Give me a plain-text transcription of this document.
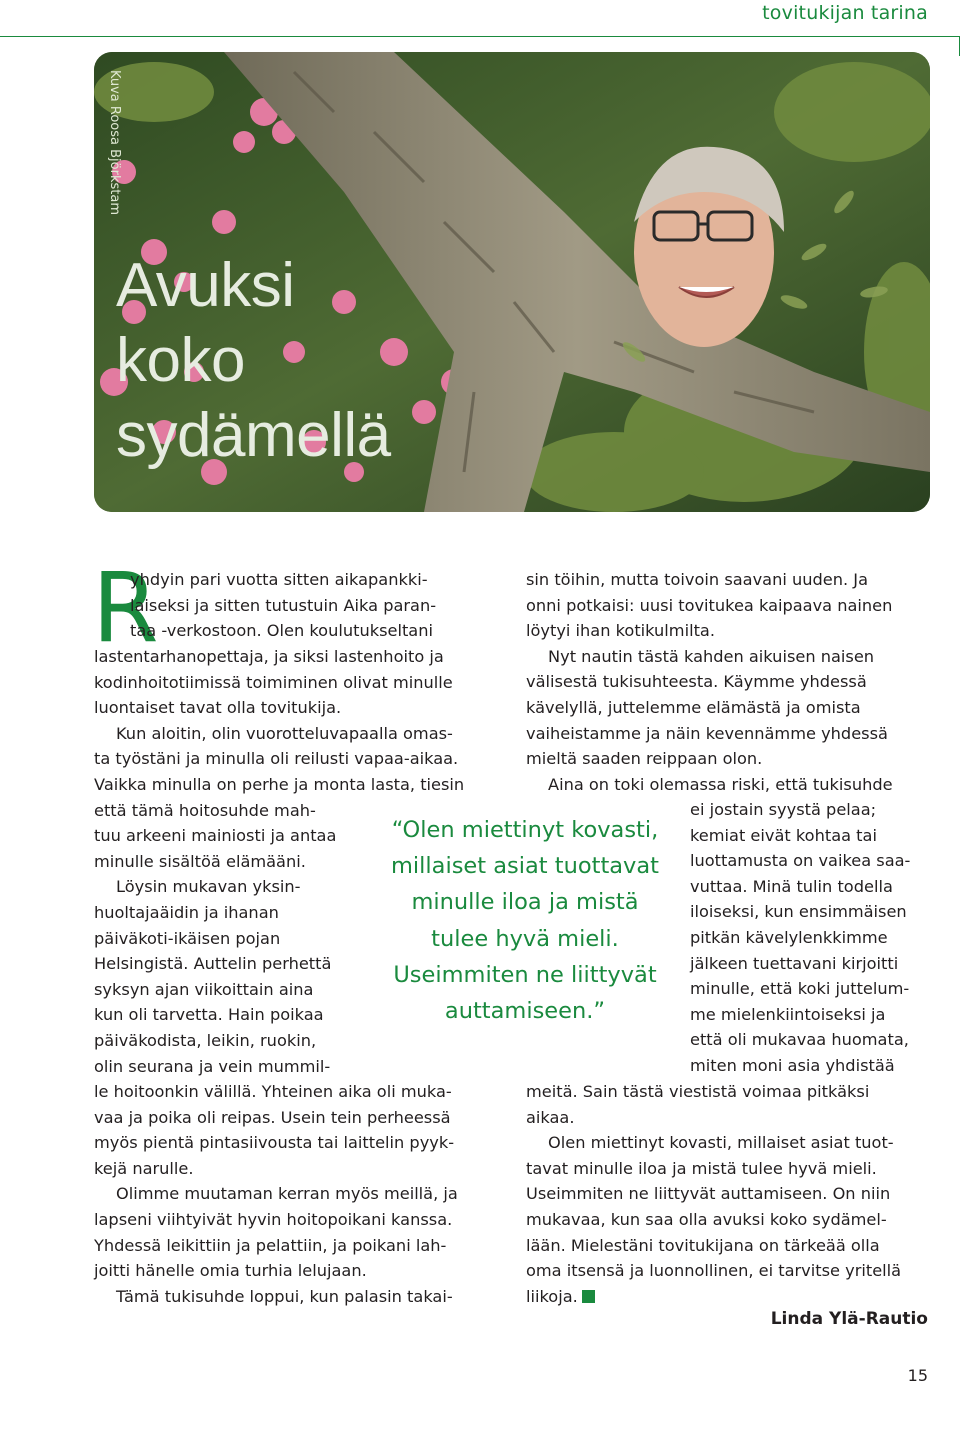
tovitukijan tarina
Kuva Roosa Björkstam
Avuksi
koko
sydämellä
R

yhdyin pari vuotta sitten aikapankki-

laiseksi ja sitten tutustuin Aika paran-

taa -verkostoon. Olen koulutukseltani

lastentarhanopettaja, ja siksi lastenhoito ja

kodinhoitotiimissä toimiminen olivat minulle

luontaiset tavat olla tovitukija.

Kun aloitin, olin vuorotteluvapaalla omas-

ta työstäni ja minulla oli reilusti vapaa-aikaa.

Vaikka minulla on perhe ja monta lasta, tiesin

että tämä hoitosuhde mah-

tuu arkeeni mainiosti ja antaa

minulle sisältöä elämääni.

Löysin mukavan yksin-

huoltajaäidin ja ihanan

päiväkoti-ikäisen pojan

Helsingistä. Auttelin perhettä

syksyn ajan viikoittain aina

kun oli tarvetta. Hain poikaa

päiväkodista, leikin, ruokin,

olin seurana ja vein mummil-

le hoitoonkin välillä. Yhteinen aika oli muka-

vaa ja poika oli reipas. Usein tein perheessä

myös pientä pintasiivousta tai laittelin pyyk-

kejä narulle.

Olimme muutaman kerran myös meillä, ja

lapseni viihtyivät hyvin hoitopoikani kanssa.

Yhdessä leikittiin ja pelattiin, ja poikani lah-

joitti hänelle omia turhia lelujaan.

Tämä tukisuhde loppui, kun palasin takai-

“Olen miettinyt kovasti,
millaiset asiat tuottavat
minulle iloa ja mistä
tulee hyvä mieli.
Useimmiten ne liittyvät
auttamiseen.”

sin töihin, mutta toivoin saavani uuden. Ja

onni potkaisi: uusi tovitukea kaipaava nainen

löytyi ihan kotikulmilta.

Nyt nautin tästä kahden aikuisen naisen

välisestä tukisuhteesta. Käymme yhdessä

kävelyllä, juttelemme elämästä ja omista

vaiheistamme ja näin kevennämme yhdessä

mieltä saaden reippaan olon.

Aina on toki olemassa riski, että tukisuhde

ei jostain syystä pelaa;

kemiat eivät kohtaa tai

luottamusta on vaikea saa-

vuttaa. Minä tulin todella

iloiseksi, kun ensimmäisen

pitkän kävelylenkkimme

jälkeen tuettavani kirjoitti

minulle, että koki juttelum-

me mielenkiintoiseksi ja

että oli mukavaa huomata,

miten moni asia yhdistää

meitä. Sain tästä viestistä voimaa pitkäksi

aikaa.

Olen miettinyt kovasti, millaiset asiat tuot-

tavat minulle iloa ja mistä tulee hyvä mieli.

Useimmiten ne liittyvät auttamiseen. On niin

mukavaa, kun saa olla avuksi koko sydämel-

lään. Mielestäni tovitukijana on tärkeää olla

oma itsensä ja luonnollinen, ei tarvitse yritellä

liikoja.

Linda Ylä-Rautio
15
